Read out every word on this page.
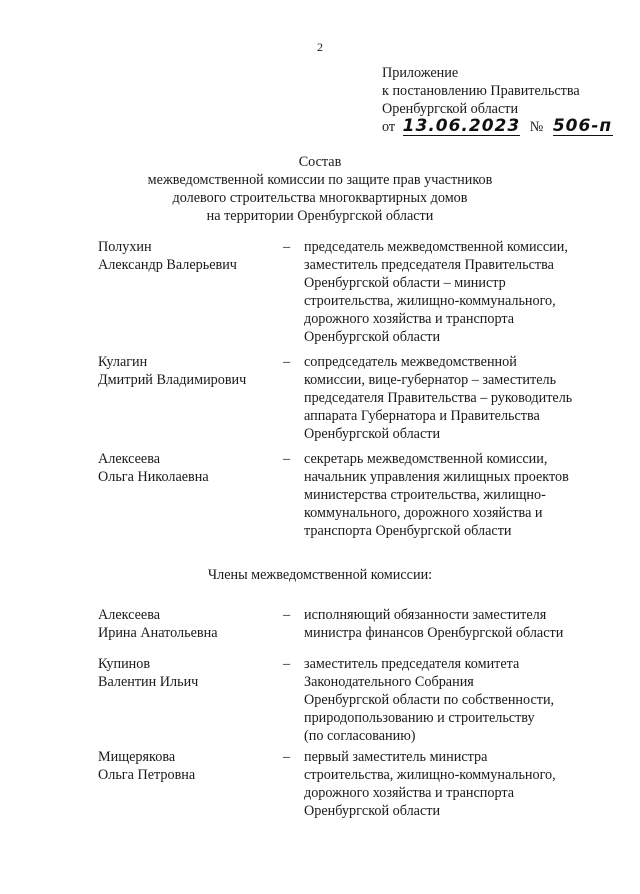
2
Приложение
к постановлению Правительства
Оренбургской области
от 13.06.2023 № 506-п
Состав
межведомственной комиссии по защите прав участников
долевого строительства многоквартирных домов
на территории Оренбургской области
Полухин
Александр Валерьевич
– председатель межведомственной комиссии,
заместитель председателя Правительства
Оренбургской области – министр
строительства, жилищно-коммунального,
дорожного хозяйства и транспорта
Оренбургской области
Кулагин
Дмитрий Владимирович
– сопредседатель межведомственной
комиссии, вице-губернатор – заместитель
председателя Правительства – руководитель
аппарата Губернатора и Правительства
Оренбургской области
Алексеева
Ольга Николаевна
– секретарь межведомственной комиссии,
начальник управления жилищных проектов
министерства строительства, жилищно-
коммунального, дорожного хозяйства и
транспорта Оренбургской области
Члены межведомственной комиссии:
Алексеева
Ирина Анатольевна
– исполняющий обязанности заместителя
министра финансов Оренбургской области
Купинов
Валентин Ильич
– заместитель председателя комитета
Законодательного Собрания
Оренбургской области по собственности,
природопользованию и строительству
(по согласованию)
Мищерякова
Ольга Петровна
– первый заместитель министра
строительства, жилищно-коммунального,
дорожного хозяйства и транспорта
Оренбургской области
